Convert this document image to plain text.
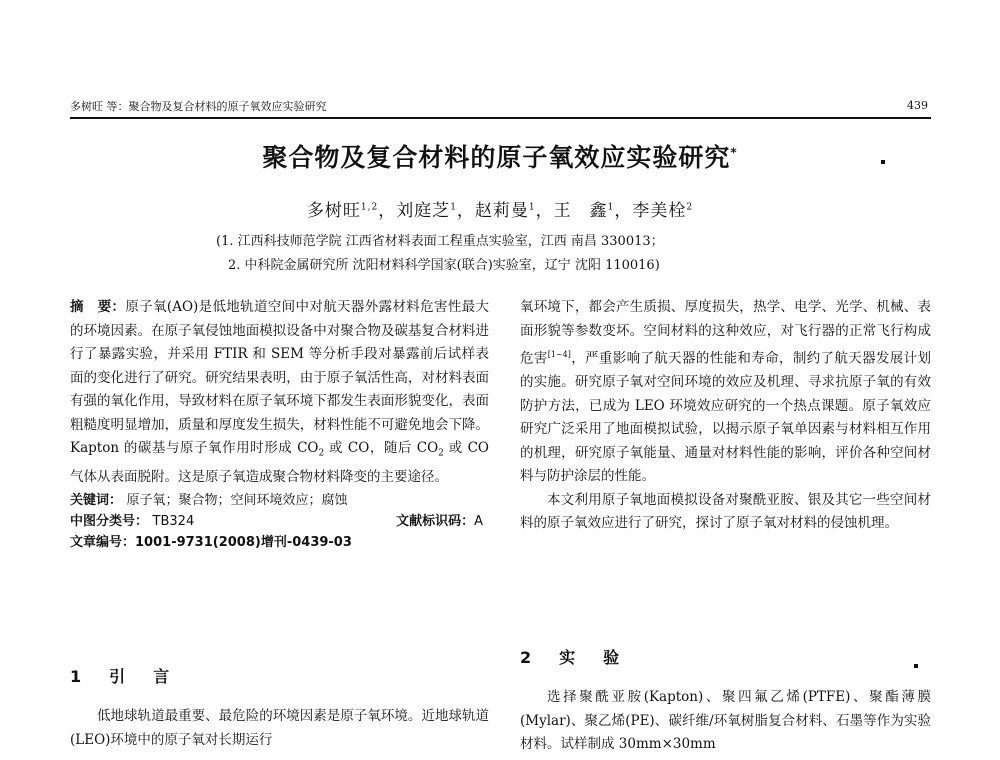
多树旺 等：聚合物及复合材料的原子氧效应实验研究	439
聚合物及复合材料的原子氧效应实验研究*
多树旺$^{1,2}$，刘庭芝$^1$，赵莉曼$^1$，王　鑫$^1$，李美栓$^2$
(1. 江西科技师范学院 江西省材料表面工程重点实验室，江西 南昌 330013；
2. 中科院金属研究所 沈阳材料科学国家(联合)实验室，辽宁 沈阳 110016)

摘　要：原子氧(AO)是低地轨道空间中对航天器外露材料危害性最大的环境因素。在原子氧侵蚀地面模拟设备中对聚合物及碳基复合材料进行了暴露实验，并采用 FTIR 和 SEM 等分析手段对暴露前后试样表面的变化进行了研究。研究结果表明，由于原子氧活性高，对材料表面有强的氧化作用，导致材料在原子氧环境下都发生表面形貌变化，表面粗糙度明显增加，质量和厚度发生损失，材料性能不可避免地会下降。Kapton 的碳基与原子氧作用时形成 $CO_2$ 或 CO，随后 $CO_2$ 或 CO 气体从表面脱附。这是原子氧造成聚合物材料降变的主要途径。

关键词： 原子氧；聚合物；空间环境效应；腐蚀
中图分类号： TB324	文献标识码：A
文章编号：1001-9731(2008)增刊-0439-03
1　引　言
低地球轨道最重要、最危险的环境因素是原子氧环境。近地球轨道(LEO)环境中的原子氧对长期运行

氧环境下，都会产生质损、厚度损失，热学、电学、光学、机械、表面形貌等参数变坏。空间材料的这种效应，对飞行器的正常飞行构成危害[1~4]，严重影响了航天器的性能和寿命，制约了航天器发展计划的实施。研究原子氧对空间环境的效应及机理、寻求抗原子氧的有效防护方法，已成为 LEO 环境效应研究的一个热点课题。原子氧效应研究广泛采用了地面模拟试验，以揭示原子氧单因素与材料相互作用的机理，研究原子氧能量、通量对材料性能的影响，评价各种空间材料与防护涂层的性能。

本文利用原子氧地面模拟设备对聚酰亚胺、银及其它一些空间材料的原子氧效应进行了研究，探讨了原子氧对材料的侵蚀机理。

2　实　验
选择聚酰亚胺(Kapton)、聚四氟乙烯(PTFE)、聚酯薄膜(Mylar)、聚乙烯(PE)、碳纤维/环氧树脂复合材料、石墨等作为实验材料。试样制成 30mm×30mm
